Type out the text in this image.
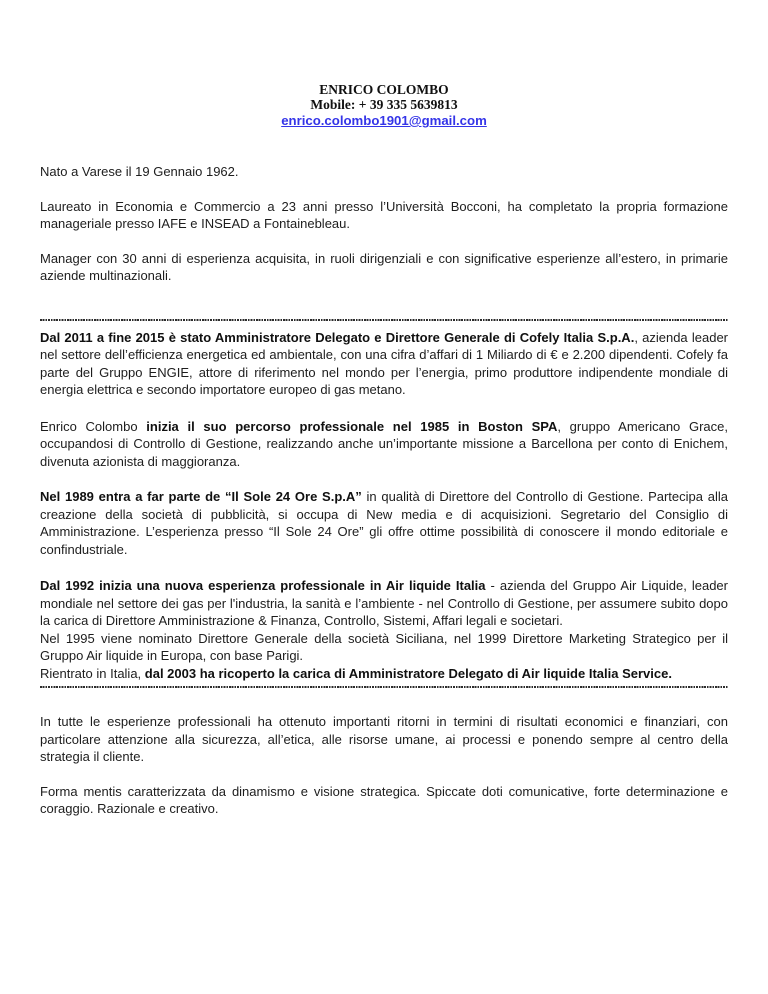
ENRICO COLOMBO
Mobile: + 39 335 5639813
enrico.colombo1901@gmail.com

Nato a Varese il 19 Gennaio 1962.

Laureato in Economia e Commercio a 23 anni presso l’Università Bocconi, ha completato la propria formazione manageriale presso IAFE e INSEAD a Fontainebleau.

Manager con 30 anni di esperienza acquisita, in ruoli dirigenziali e con significative esperienze all’estero, in primarie aziende multinazionali.

Dal 2011 a fine 2015 è stato Amministratore Delegato e Direttore Generale di Cofely Italia S.p.A., azienda leader nel settore dell’efficienza energetica ed ambientale, con una cifra d’affari di 1 Miliardo di € e 2.200 dipendenti. Cofely fa parte del Gruppo ENGIE, attore di riferimento nel mondo per l’energia, primo produttore indipendente mondiale di energia elettrica e secondo importatore europeo di gas metano.

Enrico Colombo inizia il suo percorso professionale nel 1985 in Boston SPA, gruppo Americano Grace, occupandosi di Controllo di Gestione, realizzando anche un’importante missione a Barcellona per conto di Enichem, divenuta azionista di maggioranza.

Nel 1989 entra a far parte de “Il Sole 24 Ore S.p.A” in qualità di Direttore del Controllo di Gestione. Partecipa alla creazione della società di pubblicità, si occupa di New media e di acquisizioni. Segretario del Consiglio di Amministrazione. L’esperienza presso “Il Sole 24 Ore” gli offre ottime possibilità di conoscere il mondo editoriale e confindustriale.

Dal 1992 inizia una nuova esperienza professionale in Air liquide Italia - azienda del Gruppo Air Liquide, leader mondiale nel settore dei gas per l'industria, la sanità e l’ambiente - nel Controllo di Gestione, per assumere subito dopo la carica di Direttore Amministrazione & Finanza, Controllo, Sistemi, Affari legali e societari.
Nel 1995 viene nominato Direttore Generale della società Siciliana, nel 1999 Direttore Marketing Strategico per il Gruppo Air liquide in Europa, con base Parigi.
Rientrato in Italia, dal 2003 ha ricoperto la carica di Amministratore Delegato di Air liquide Italia Service.

In tutte le esperienze professionali ha ottenuto importanti ritorni in termini di risultati economici e finanziari, con particolare attenzione alla sicurezza, all’etica, alle risorse umane, ai processi e ponendo sempre al centro della strategia il cliente.

Forma mentis caratterizzata da dinamismo e visione strategica. Spiccate doti comunicative, forte determinazione e coraggio. Razionale e creativo.
